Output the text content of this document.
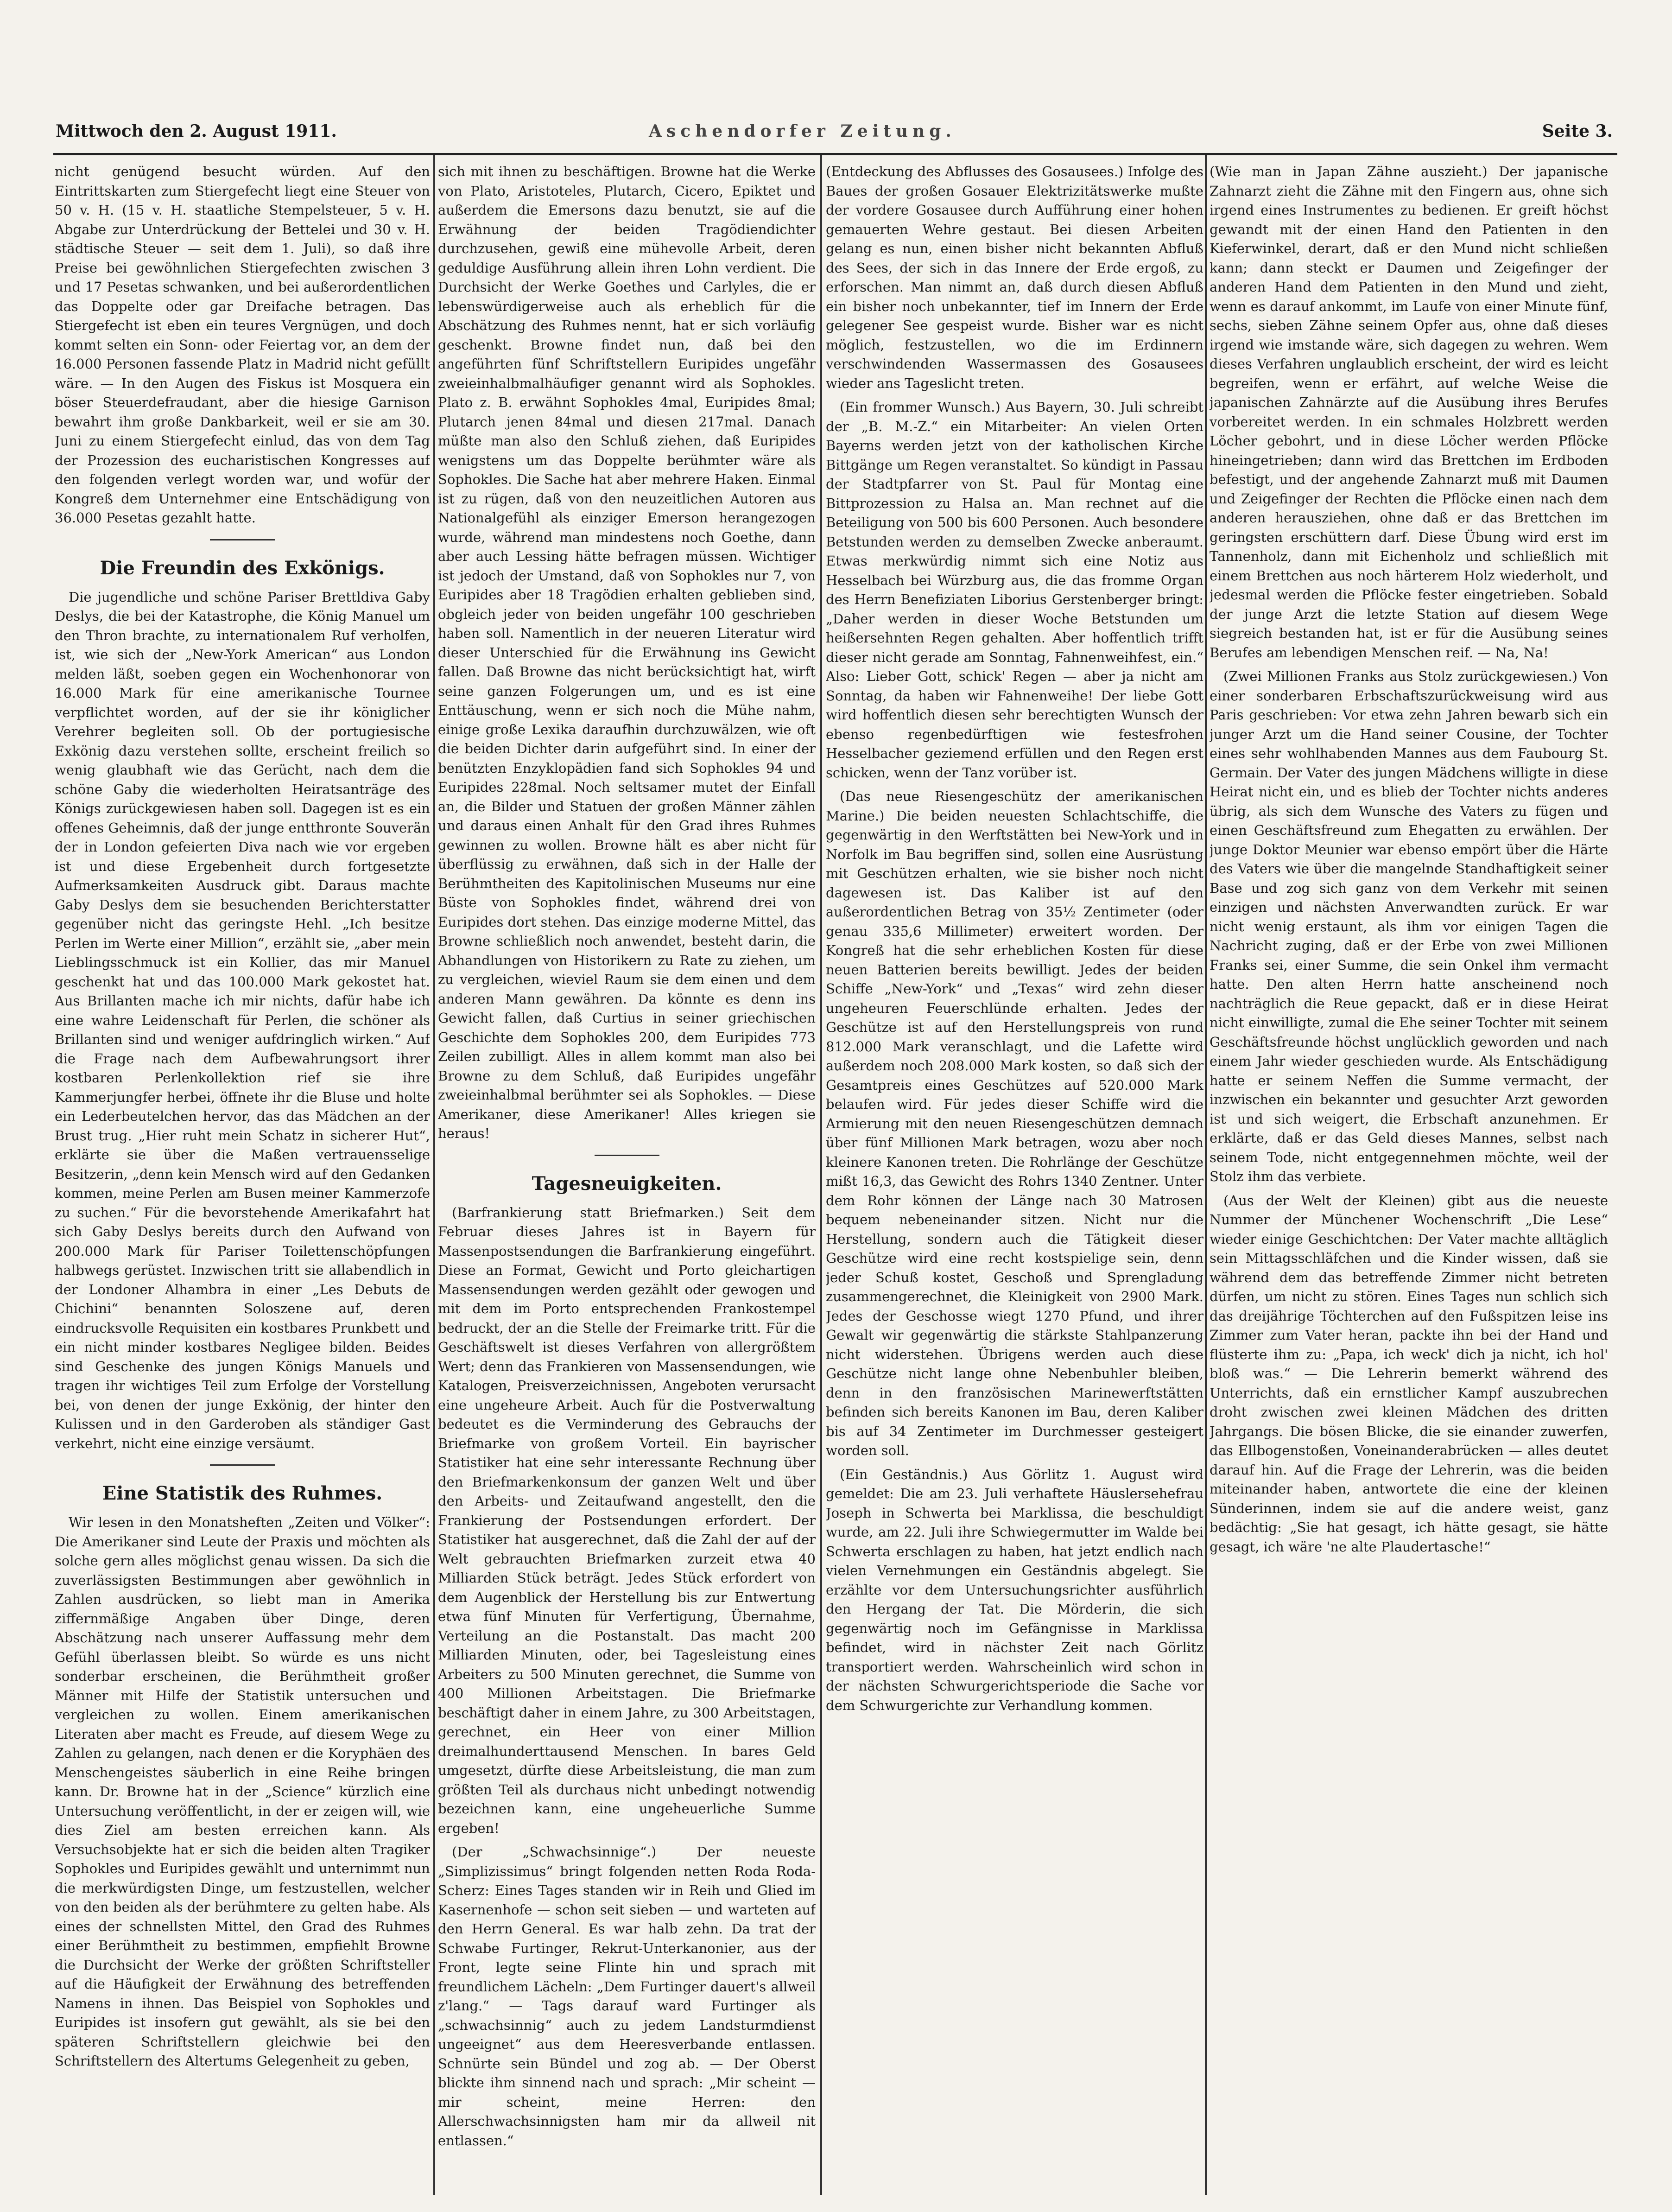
Mittwoch den 2. August 1911.	Aschendorfer Zeitung.	Seite 3.

nicht genügend besucht würden. Auf den Eintrittskarten zum Stiergefecht liegt eine Steuer von 50 v. H. (15 v. H. staatliche Stempelsteuer, 5 v. H. Abgabe zur Unterdrückung der Bettelei und 30 v. H. städtische Steuer — seit dem 1. Juli), so daß ihre Preise bei gewöhnlichen Stiergefechten zwischen 3 und 17 Pesetas schwanken, und bei außerordentlichen das Doppelte oder gar Dreifache betragen. Das Stiergefecht ist eben ein teures Vergnügen, und doch kommt selten ein Sonn- oder Feiertag vor, an dem der 16.000 Personen fassende Platz in Madrid nicht gefüllt wäre. — In den Augen des Fiskus ist Mosquera ein böser Steuerdefraudant, aber die hiesige Garnison bewahrt ihm große Dankbarkeit, weil er sie am 30. Juni zu einem Stiergefecht einlud, das von dem Tag der Prozession des eucharistischen Kongresses auf den folgenden verlegt worden war, und wofür der Kongreß dem Unternehmer eine Entschädigung von 36.000 Pesetas gezahlt hatte.

Die Freundin des Exkönigs.

Die jugendliche und schöne Pariser Brettldiva Gaby Deslys, die bei der Katastrophe, die König Manuel um den Thron brachte, zu internationalem Ruf verholfen, ist, wie sich der „New-York American“ aus London melden läßt, soeben gegen ein Wochenhonorar von 16.000 Mark für eine amerikanische Tournee verpflichtet worden, auf der sie ihr königlicher Verehrer begleiten soll. Ob der portugiesische Exkönig dazu verstehen sollte, erscheint freilich so wenig glaubhaft wie das Gerücht, nach dem die schöne Gaby die wiederholten Heiratsanträge des Königs zurückgewiesen haben soll. Dagegen ist es ein offenes Geheimnis, daß der junge entthronte Souverän der in London gefeierten Diva nach wie vor ergeben ist und diese Ergebenheit durch fortgesetzte Aufmerksamkeiten Ausdruck gibt. Daraus machte Gaby Deslys dem sie besuchenden Berichterstatter gegenüber nicht das geringste Hehl. „Ich besitze Perlen im Werte einer Million“, erzählt sie, „aber mein Lieblingsschmuck ist ein Kollier, das mir Manuel geschenkt hat und das 100.000 Mark gekostet hat. Aus Brillanten mache ich mir nichts, dafür habe ich eine wahre Leidenschaft für Perlen, die schöner als Brillanten sind und weniger aufdringlich wirken.“ Auf die Frage nach dem Aufbewahrungsort ihrer kostbaren Perlenkollektion rief sie ihre Kammerjungfer herbei, öffnete ihr die Bluse und holte ein Lederbeutelchen hervor, das das Mädchen an der Brust trug. „Hier ruht mein Schatz in sicherer Hut“, erklärte sie über die Maßen vertrauensselige Besitzerin, „denn kein Mensch wird auf den Gedanken kommen, meine Perlen am Busen meiner Kammerzofe zu suchen.“ Für die bevorstehende Amerikafahrt hat sich Gaby Deslys bereits durch den Aufwand von 200.000 Mark für Pariser Toilettenschöpfungen halbwegs gerüstet. Inzwischen tritt sie allabendlich in der Londoner Alhambra in einer „Les Debuts de Chichini“ benannten Soloszene auf, deren eindrucksvolle Requisiten ein kostbares Prunkbett und ein nicht minder kostbares Negligee bilden. Beides sind Geschenke des jungen Königs Manuels und tragen ihr wichtiges Teil zum Erfolge der Vorstellung bei, von denen der junge Exkönig, der hinter den Kulissen und in den Garderoben als ständiger Gast verkehrt, nicht eine einzige versäumt.

Eine Statistik des Ruhmes.

Wir lesen in den Monatsheften „Zeiten und Völker“: Die Amerikaner sind Leute der Praxis und möchten als solche gern alles möglichst genau wissen. Da sich die zuverlässigsten Bestimmungen aber gewöhnlich in Zahlen ausdrücken, so liebt man in Amerika ziffernmäßige Angaben über Dinge, deren Abschätzung nach unserer Auffassung mehr dem Gefühl überlassen bleibt. So würde es uns nicht sonderbar erscheinen, die Berühmtheit großer Männer mit Hilfe der Statistik untersuchen und vergleichen zu wollen. Einem amerikanischen Literaten aber macht es Freude, auf diesem Wege zu Zahlen zu gelangen, nach denen er die Koryphäen des Menschengeistes säuberlich in eine Reihe bringen kann. Dr. Browne hat in der „Science“ kürzlich eine Untersuchung veröffentlicht, in der er zeigen will, wie dies Ziel am besten erreichen kann. Als Versuchsobjekte hat er sich die beiden alten Tragiker Sophokles und Euripides gewählt und unternimmt nun die merkwürdigsten Dinge, um festzustellen, welcher von den beiden als der berühmtere zu gelten habe. Als eines der schnellsten Mittel, den Grad des Ruhmes einer Berühmtheit zu bestimmen, empfiehlt Browne die Durchsicht der Werke der größten Schriftsteller auf die Häufigkeit der Erwähnung des betreffenden Namens in ihnen. Das Beispiel von Sophokles und Euripides ist insofern gut gewählt, als sie bei den späteren Schriftstellern gleichwie bei den Schriftstellern des Altertums Gelegenheit zu geben,

sich mit ihnen zu beschäftigen. Browne hat die Werke von Plato, Aristoteles, Plutarch, Cicero, Epiktet und außerdem die Emersons dazu benutzt, sie auf die Erwähnung der beiden Tragödiendichter durchzusehen, gewiß eine mühevolle Arbeit, deren geduldige Ausführung allein ihren Lohn verdient. Die Durchsicht der Werke Goethes und Carlyles, die er lebenswürdigerweise auch als erheblich für die Abschätzung des Ruhmes nennt, hat er sich vorläufig geschenkt. Browne findet nun, daß bei den angeführten fünf Schriftstellern Euripides ungefähr zweieinhalbmalhäufiger genannt wird als Sophokles. Plato z. B. erwähnt Sophokles 4mal, Euripides 8mal; Plutarch jenen 84mal und diesen 217mal. Danach müßte man also den Schluß ziehen, daß Euripides wenigstens um das Doppelte berühmter wäre als Sophokles. Die Sache hat aber mehrere Haken. Einmal ist zu rügen, daß von den neuzeitlichen Autoren aus Nationalgefühl als einziger Emerson herangezogen wurde, während man mindestens noch Goethe, dann aber auch Lessing hätte befragen müssen. Wichtiger ist jedoch der Umstand, daß von Sophokles nur 7, von Euripides aber 18 Tragödien erhalten geblieben sind, obgleich jeder von beiden ungefähr 100 geschrieben haben soll. Namentlich in der neueren Literatur wird dieser Unterschied für die Erwähnung ins Gewicht fallen. Daß Browne das nicht berücksichtigt hat, wirft seine ganzen Folgerungen um, und es ist eine Enttäuschung, wenn er sich noch die Mühe nahm, einige große Lexika daraufhin durchzuwälzen, wie oft die beiden Dichter darin aufgeführt sind. In einer der benützten Enzyklopädien fand sich Sophokles 94 und Euripides 228mal. Noch seltsamer mutet der Einfall an, die Bilder und Statuen der großen Männer zählen und daraus einen Anhalt für den Grad ihres Ruhmes gewinnen zu wollen. Browne hält es aber nicht für überflüssig zu erwähnen, daß sich in der Halle der Berühmtheiten des Kapitolinischen Museums nur eine Büste von Sophokles findet, während drei von Euripides dort stehen. Das einzige moderne Mittel, das Browne schließlich noch anwendet, besteht darin, die Abhandlungen von Historikern zu Rate zu ziehen, um zu vergleichen, wieviel Raum sie dem einen und dem anderen Mann gewähren. Da könnte es denn ins Gewicht fallen, daß Curtius in seiner griechischen Geschichte dem Sophokles 200, dem Euripides 773 Zeilen zubilligt. Alles in allem kommt man also bei Browne zu dem Schluß, daß Euripides ungefähr zweieinhalbmal berühmter sei als Sophokles. — Diese Amerikaner, diese Amerikaner! Alles kriegen sie heraus!

Tagesneuigkeiten.

(Barfrankierung statt Briefmarken.) Seit dem Februar dieses Jahres ist in Bayern für Massenpostsendungen die Barfrankierung eingeführt. Diese an Format, Gewicht und Porto gleichartigen Massensendungen werden gezählt oder gewogen und mit dem im Porto entsprechenden Frankostempel bedruckt, der an die Stelle der Freimarke tritt. Für die Geschäftswelt ist dieses Verfahren von allergrößtem Wert; denn das Frankieren von Massensendungen, wie Katalogen, Preisverzeichnissen, Angeboten verursacht eine ungeheure Arbeit. Auch für die Postverwaltung bedeutet es die Verminderung des Gebrauchs der Briefmarke von großem Vorteil. Ein bayrischer Statistiker hat eine sehr interessante Rechnung über den Briefmarkenkonsum der ganzen Welt und über den Arbeits- und Zeitaufwand angestellt, den die Frankierung der Postsendungen erfordert. Der Statistiker hat ausgerechnet, daß die Zahl der auf der Welt gebrauchten Briefmarken zurzeit etwa 40 Milliarden Stück beträgt. Jedes Stück erfordert von dem Augenblick der Herstellung bis zur Entwertung etwa fünf Minuten für Verfertigung, Übernahme, Verteilung an die Postanstalt. Das macht 200 Milliarden Minuten, oder, bei Tagesleistung eines Arbeiters zu 500 Minuten gerechnet, die Summe von 400 Millionen Arbeitstagen. Die Briefmarke beschäftigt daher in einem Jahre, zu 300 Arbeitstagen, gerechnet, ein Heer von einer Million dreimalhunderttausend Menschen. In bares Geld umgesetzt, dürfte diese Arbeitsleistung, die man zum größten Teil als durchaus nicht unbedingt notwendig bezeichnen kann, eine ungeheuerliche Summe ergeben!

(Der „Schwachsinnige“.) Der neueste „Simplizissimus“ bringt folgenden netten Roda Roda-Scherz: Eines Tages standen wir in Reih und Glied im Kasernenhofe — schon seit sieben — und warteten auf den Herrn General. Es war halb zehn. Da trat der Schwabe Furtinger, Rekrut-Unterkanonier, aus der Front, legte seine Flinte hin und sprach mit freundlichem Lächeln: „Dem Furtinger dauert's allweil z'lang.“ — Tags darauf ward Furtinger als „schwachsinnig“ auch zu jedem Landsturmdienst ungeeignet“ aus dem Heeresverbande entlassen. Schnürte sein Bündel und zog ab. — Der Oberst blickte ihm sinnend nach und sprach: „Mir scheint — mir scheint, meine Herren: den Allerschwachsinnigsten ham mir da allweil nit entlassen.“

(Entdeckung des Abflusses des Gosausees.) Infolge des Baues der großen Gosauer Elektrizitätswerke mußte der vordere Gosausee durch Aufführung einer hohen gemauerten Wehre gestaut. Bei diesen Arbeiten gelang es nun, einen bisher nicht bekannten Abfluß des Sees, der sich in das Innere der Erde ergoß, zu erforschen. Man nimmt an, daß durch diesen Abfluß ein bisher noch unbekannter, tief im Innern der Erde gelegener See gespeist wurde. Bisher war es nicht möglich, festzustellen, wo die im Erdinnern verschwindenden Wassermassen des Gosausees wieder ans Tageslicht treten.

(Ein frommer Wunsch.) Aus Bayern, 30. Juli schreibt der „B. M.-Z.“ ein Mitarbeiter: An vielen Orten Bayerns werden jetzt von der katholischen Kirche Bittgänge um Regen veranstaltet. So kündigt in Passau der Stadtpfarrer von St. Paul für Montag eine Bittprozession zu Halsa an. Man rechnet auf die Beteiligung von 500 bis 600 Personen. Auch besondere Betstunden werden zu demselben Zwecke anberaumt. Etwas merkwürdig nimmt sich eine Notiz aus Hesselbach bei Würzburg aus, die das fromme Organ des Herrn Benefiziaten Liborius Gerstenberger bringt: „Daher werden in dieser Woche Betstunden um heißersehnten Regen gehalten. Aber hoffentlich trifft dieser nicht gerade am Sonntag, Fahnenweihfest, ein.“ Also: Lieber Gott, schick' Regen — aber ja nicht am Sonntag, da haben wir Fahnenweihe! Der liebe Gott wird hoffentlich diesen sehr berechtigten Wunsch der ebenso regenbedürftigen wie festesfrohen Hesselbacher geziemend erfüllen und den Regen erst schicken, wenn der Tanz vorüber ist.

(Das neue Riesengeschütz der amerikanischen Marine.) Die beiden neuesten Schlachtschiffe, die gegenwärtig in den Werftstätten bei New-York und in Norfolk im Bau begriffen sind, sollen eine Ausrüstung mit Geschützen erhalten, wie sie bisher noch nicht dagewesen ist. Das Kaliber ist auf den außerordentlichen Betrag von 35½ Zentimeter (oder genau 335,6 Millimeter) erweitert worden. Der Kongreß hat die sehr erheblichen Kosten für diese neuen Batterien bereits bewilligt. Jedes der beiden Schiffe „New-York“ und „Texas“ wird zehn dieser ungeheuren Feuerschlünde erhalten. Jedes der Geschütze ist auf den Herstellungspreis von rund 812.000 Mark veranschlagt, und die Lafette wird außerdem noch 208.000 Mark kosten, so daß sich der Gesamtpreis eines Geschützes auf 520.000 Mark belaufen wird. Für jedes dieser Schiffe wird die Armierung mit den neuen Riesengeschützen demnach über fünf Millionen Mark betragen, wozu aber noch kleinere Kanonen treten. Die Rohrlänge der Geschütze mißt 16,3, das Gewicht des Rohrs 1340 Zentner. Unter dem Rohr können der Länge nach 30 Matrosen bequem nebeneinander sitzen. Nicht nur die Herstellung, sondern auch die Tätigkeit dieser Geschütze wird eine recht kostspielige sein, denn jeder Schuß kostet, Geschoß und Sprengladung zusammengerechnet, die Kleinigkeit von 2900 Mark. Jedes der Geschosse wiegt 1270 Pfund, und ihrer Gewalt wir gegenwärtig die stärkste Stahlpanzerung nicht widerstehen. Übrigens werden auch diese Geschütze nicht lange ohne Nebenbuhler bleiben, denn in den französischen Marinewerftstätten befinden sich bereits Kanonen im Bau, deren Kaliber bis auf 34 Zentimeter im Durchmesser gesteigert worden soll.

(Ein Geständnis.) Aus Görlitz 1. August wird gemeldet: Die am 23. Juli verhaftete Häuslersehefrau Joseph in Schwerta bei Marklissa, die beschuldigt wurde, am 22. Juli ihre Schwiegermutter im Walde bei Schwerta erschlagen zu haben, hat jetzt endlich nach vielen Vernehmungen ein Geständnis abgelegt. Sie erzählte vor dem Untersuchungsrichter ausführlich den Hergang der Tat. Die Mörderin, die sich gegenwärtig noch im Gefängnisse in Marklissa befindet, wird in nächster Zeit nach Görlitz transportiert werden. Wahrscheinlich wird schon in der nächsten Schwurgerichtsperiode die Sache vor dem Schwurgerichte zur Verhandlung kommen.

(Wie man in Japan Zähne auszieht.) Der japanische Zahnarzt zieht die Zähne mit den Fingern aus, ohne sich irgend eines Instrumentes zu bedienen. Er greift höchst gewandt mit der einen Hand den Patienten in den Kieferwinkel, derart, daß er den Mund nicht schließen kann; dann steckt er Daumen und Zeigefinger der anderen Hand dem Patienten in den Mund und zieht, wenn es darauf ankommt, im Laufe von einer Minute fünf, sechs, sieben Zähne seinem Opfer aus, ohne daß dieses irgend wie imstande wäre, sich dagegen zu wehren. Wem dieses Verfahren unglaublich erscheint, der wird es leicht begreifen, wenn er erfährt, auf welche Weise die japanischen Zahnärzte auf die Ausübung ihres Berufes vorbereitet werden. In ein schmales Holzbrett werden Löcher gebohrt, und in diese Löcher werden Pflöcke hineingetrieben; dann wird das Brettchen im Erdboden befestigt, und der angehende Zahnarzt muß mit Daumen und Zeigefinger der Rechten die Pflöcke einen nach dem anderen herausziehen, ohne daß er das Brettchen im geringsten erschüttern darf. Diese Übung wird erst im Tannenholz, dann mit Eichenholz und schließlich mit einem Brettchen aus noch härterem Holz wiederholt, und jedesmal werden die Pflöcke fester eingetrieben. Sobald der junge Arzt die letzte Station auf diesem Wege siegreich bestanden hat, ist er für die Ausübung seines Berufes am lebendigen Menschen reif. — Na, Na!

(Zwei Millionen Franks aus Stolz zurückgewiesen.) Von einer sonderbaren Erbschaftszurückweisung wird aus Paris geschrieben: Vor etwa zehn Jahren bewarb sich ein junger Arzt um die Hand seiner Cousine, der Tochter eines sehr wohlhabenden Mannes aus dem Faubourg St. Germain. Der Vater des jungen Mädchens willigte in diese Heirat nicht ein, und es blieb der Tochter nichts anderes übrig, als sich dem Wunsche des Vaters zu fügen und einen Geschäftsfreund zum Ehegatten zu erwählen. Der junge Doktor Meunier war ebenso empört über die Härte des Vaters wie über die mangelnde Standhaftigkeit seiner Base und zog sich ganz von dem Verkehr mit seinen einzigen und nächsten Anverwandten zurück. Er war nicht wenig erstaunt, als ihm vor einigen Tagen die Nachricht zuging, daß er der Erbe von zwei Millionen Franks sei, einer Summe, die sein Onkel ihm vermacht hatte. Den alten Herrn hatte anscheinend noch nachträglich die Reue gepackt, daß er in diese Heirat nicht einwilligte, zumal die Ehe seiner Tochter mit seinem Geschäftsfreunde höchst unglücklich geworden und nach einem Jahr wieder geschieden wurde. Als Entschädigung hatte er seinem Neffen die Summe vermacht, der inzwischen ein bekannter und gesuchter Arzt geworden ist und sich weigert, die Erbschaft anzunehmen. Er erklärte, daß er das Geld dieses Mannes, selbst nach seinem Tode, nicht entgegennehmen möchte, weil der Stolz ihm das verbiete.

(Aus der Welt der Kleinen) gibt aus die neueste Nummer der Münchener Wochenschrift „Die Lese“ wieder einige Geschichtchen: Der Vater machte alltäglich sein Mittagsschläfchen und die Kinder wissen, daß sie während dem das betreffende Zimmer nicht betreten dürfen, um nicht zu stören. Eines Tages nun schlich sich das dreijährige Töchterchen auf den Fußspitzen leise ins Zimmer zum Vater heran, packte ihn bei der Hand und flüsterte ihm zu: „Papa, ich weck' dich ja nicht, ich hol' bloß was.“ — Die Lehrerin bemerkt während des Unterrichts, daß ein ernstlicher Kampf auszubrechen droht zwischen zwei kleinen Mädchen des dritten Jahrgangs. Die bösen Blicke, die sie einander zuwerfen, das Ellbogenstoßen, Voneinanderabrücken — alles deutet darauf hin. Auf die Frage der Lehrerin, was die beiden miteinander haben, antwortete die eine der kleinen Sünderinnen, indem sie auf die andere weist, ganz bedächtig: „Sie hat gesagt, ich hätte gesagt, sie hätte gesagt, ich wäre 'ne alte Plaudertasche!“
